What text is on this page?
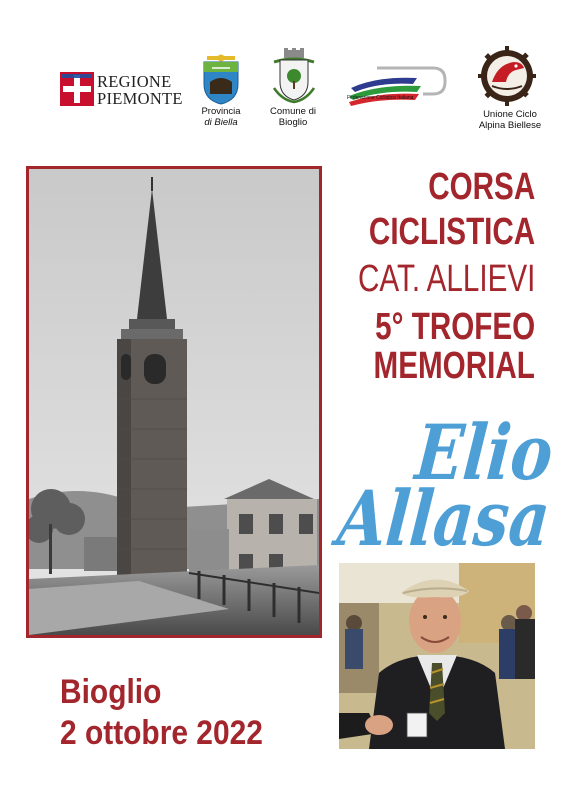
REGIONE
PIEMONTE
Provincia
di Biella
Comune di
Bioglio
Federazione Ciclistica Italiana
Unione Ciclo
Alpina Biellese
CORSA
CICLISTICA
CAT. ALLIEVI
5° TROFEO
MEMORIAL
Elio
Allasa
Bioglio
2 ottobre 2022
